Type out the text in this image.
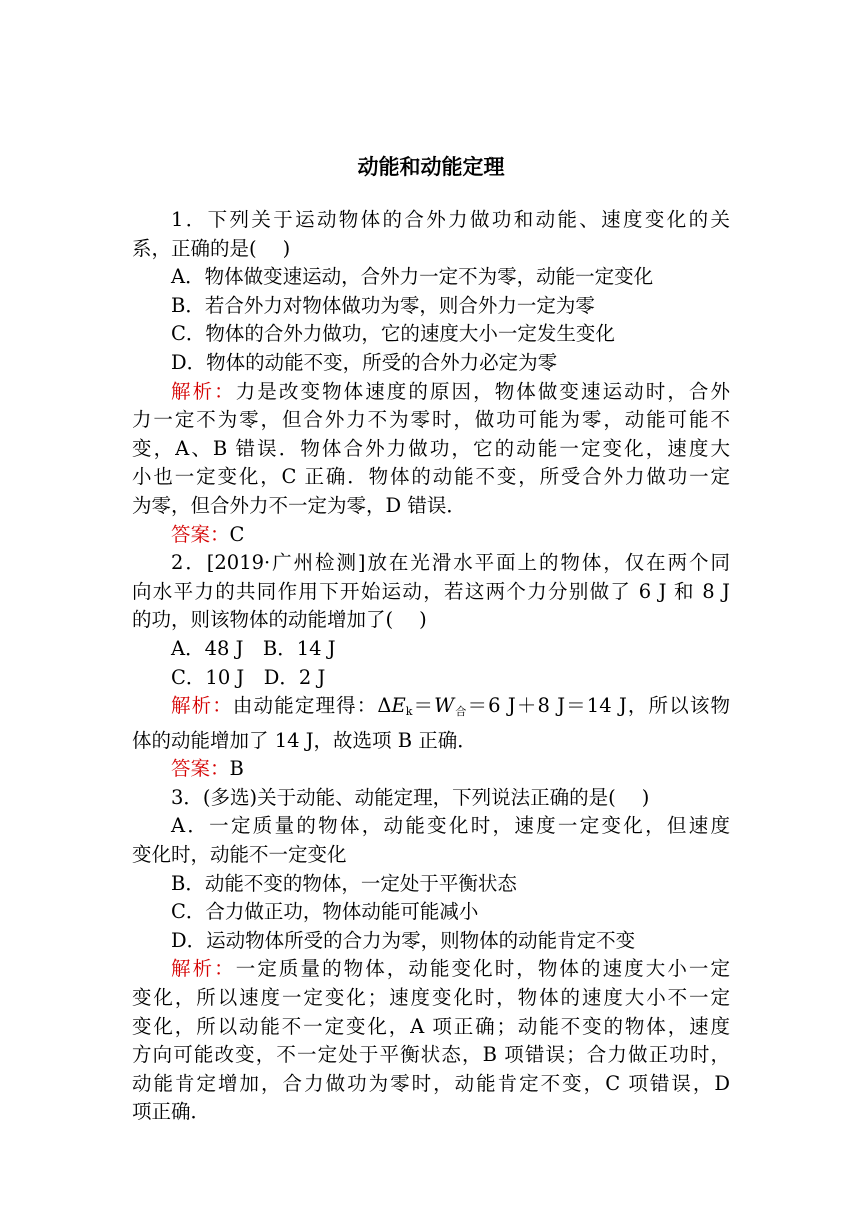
动能和动能定理
1．下列关于运动物体的合外力做功和动能、速度变化的关
系，正确的是( )
A．物体做变速运动，合外力一定不为零，动能一定变化
B．若合外力对物体做功为零，则合外力一定为零
C．物体的合外力做功，它的速度大小一定发生变化
D．物体的动能不变，所受的合外力必定为零
解析：力是改变物体速度的原因，物体做变速运动时，合外
力一定不为零，但合外力不为零时，做功可能为零，动能可能不
变，A、B 错误．物体合外力做功，它的动能一定变化，速度大
小也一定变化，C 正确．物体的动能不变，所受合外力做功一定
为零，但合外力不一定为零，D 错误．
答案：C
2．[2019·广州检测]放在光滑水平面上的物体，仅在两个同
向水平力的共同作用下开始运动，若这两个力分别做了 6 J 和 8 J
的功，则该物体的动能增加了( )
A．48 J　B．14 J
C．10 J　D．2 J
解析：由动能定理得：$\Delta E_k=W_合=6$ J＋8 J＝14 J，所以该物
体的动能增加了 14 J，故选项 B 正确．
答案：B
3．(多选)关于动能、动能定理，下列说法正确的是( )
A．一定质量的物体，动能变化时，速度一定变化，但速度
变化时，动能不一定变化
B．动能不变的物体，一定处于平衡状态
C．合力做正功，物体动能可能减小
D．运动物体所受的合力为零，则物体的动能肯定不变
解析：一定质量的物体，动能变化时，物体的速度大小一定
变化，所以速度一定变化；速度变化时，物体的速度大小不一定
变化，所以动能不一定变化，A 项正确；动能不变的物体，速度
方向可能改变，不一定处于平衡状态，B 项错误；合力做正功时，
动能肯定增加，合力做功为零时，动能肯定不变，C 项错误，D
项正确．
